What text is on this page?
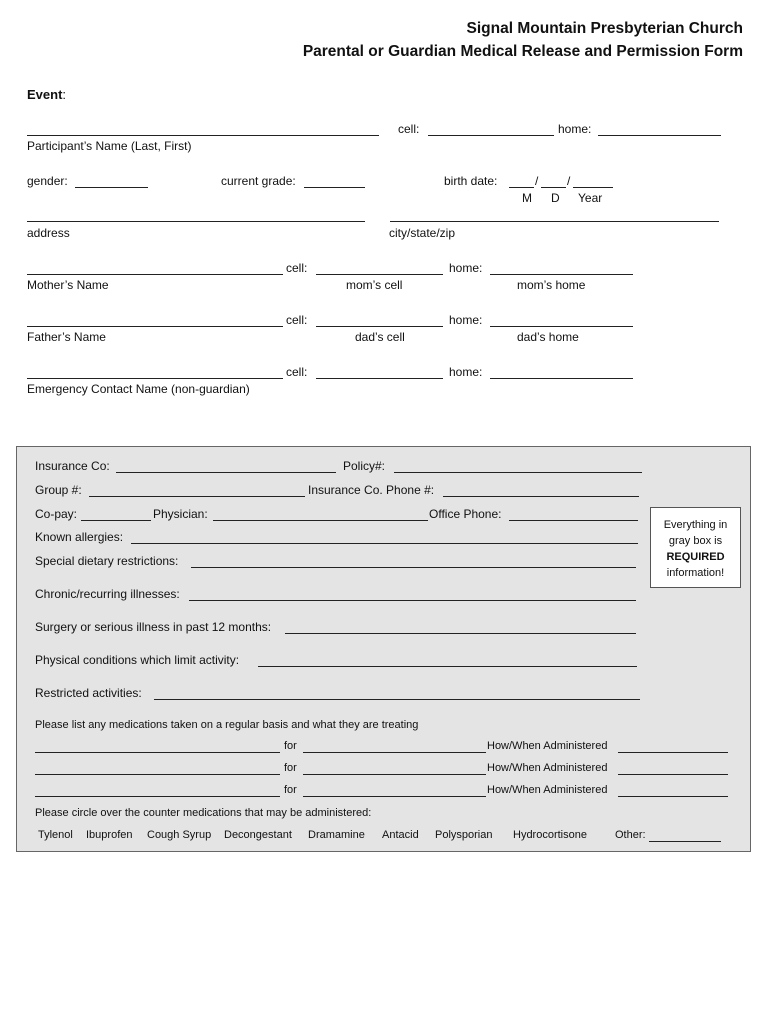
Signal Mountain Presbyterian Church
Parental or Guardian Medical Release and Permission Form
Event:
cell:	home:
Participant’s Name (Last, First)
gender:	current grade:	birth date:	/ /
M D Year
address	city/state/zip
cell:	home:
Mother’s Name	mom’s cell	mom’s home
cell:	home:
Father’s Name	dad’s cell	dad’s home
cell:	home:
Emergency Contact Name (non-guardian)
Insurance Co:	Policy#:
Group #:	Insurance Co. Phone #:
Co-pay:	Physician:	Office Phone:
Known allergies:
Special dietary restrictions:
Chronic/recurring illnesses:
Surgery or serious illness in past 12 months:
Physical conditions which limit activity:
Restricted activities:
Please list any medications taken on a regular basis and what they are treating
for	How/When Administered
for	How/When Administered
for	How/When Administered
Please circle over the counter medications that may be administered:
Tylenol Ibuprofen Cough Syrup Decongestant Dramamine Antacid Polysporian Hydrocortisone	Other:
Everything in
gray box is
REQUIRED
information!
